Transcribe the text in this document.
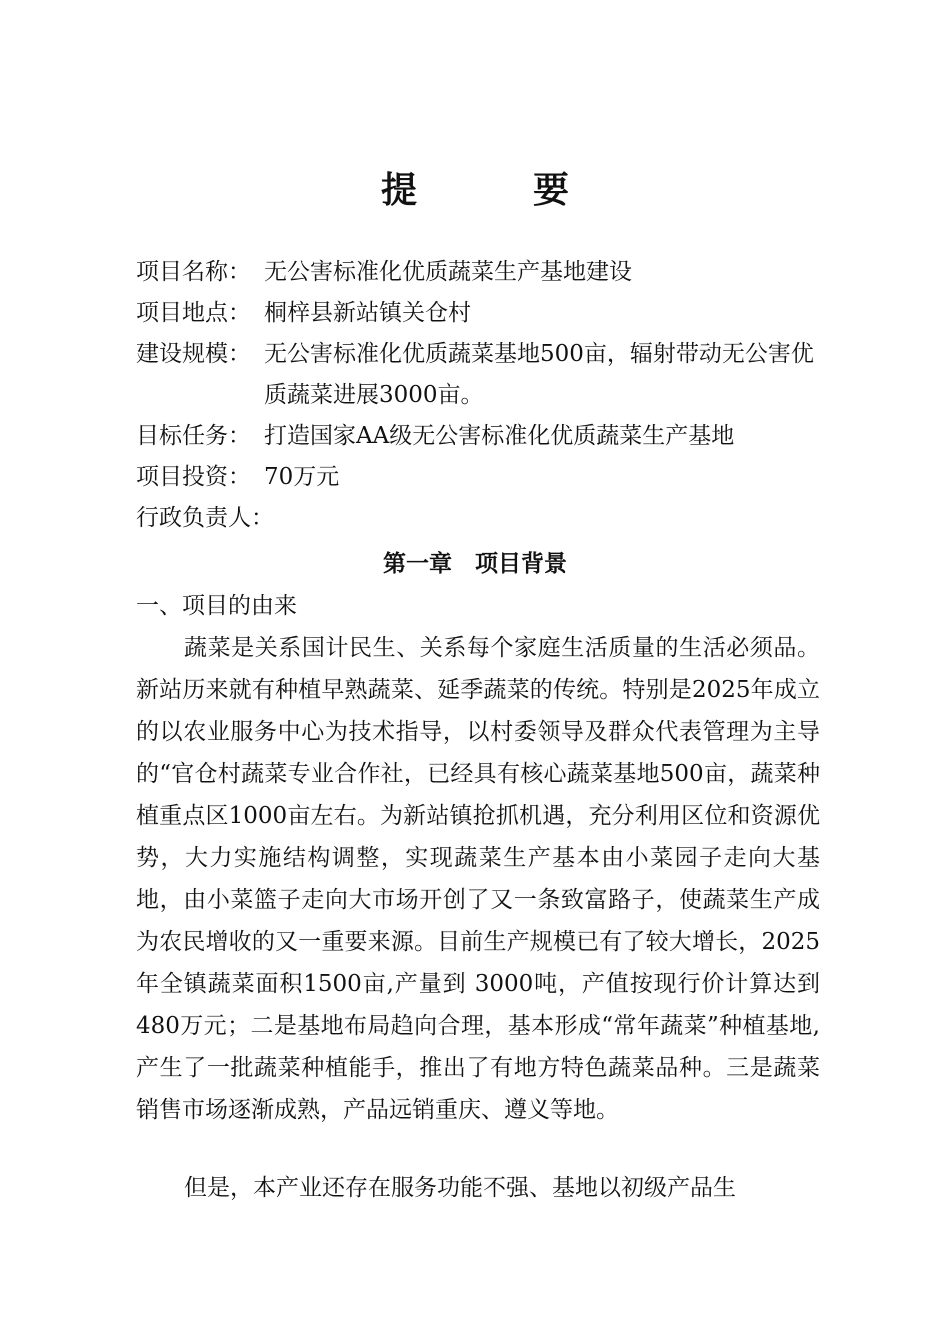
提　要
项目名称： 无公害标准化优质蔬菜生产基地建设
项目地点： 桐梓县新站镇关仓村
建设规模： 无公害标准化优质蔬菜基地500亩，辐射带动无公害优质蔬菜进展3000亩。
目标任务： 打造国家AA级无公害标准化优质蔬菜生产基地
项目投资： 70万元
行政负责人：
第一章　项目背景
一、项目的由来

蔬菜是关系国计民生、关系每个家庭生活质量的生活必须品。新站历来就有种植早熟蔬菜、延季蔬菜的传统。特别是2025年成立的以农业服务中心为技术指导，以村委领导及群众代表管理为主导的“官仓村蔬菜专业合作社，已经具有核心蔬菜基地500亩，蔬菜种植重点区1000亩左右。为新站镇抢抓机遇，充分利用区位和资源优势，大力实施结构调整，实现蔬菜生产基本由小菜园子走向大基地，由小菜篮子走向大市场开创了又一条致富路子，使蔬菜生产成为农民增收的又一重要来源。目前生产规模已有了较大增长，2025年全镇蔬菜面积1500亩,产量到 3000吨，产值按现行价计算达到480万元；二是基地布局趋向合理，基本形成“常年蔬菜”种植基地,产生了一批蔬菜种植能手，推出了有地方特色蔬菜品种。三是蔬菜销售市场逐渐成熟，产品远销重庆、遵义等地。

但是，本产业还存在服务功能不强、基地以初级产品生
